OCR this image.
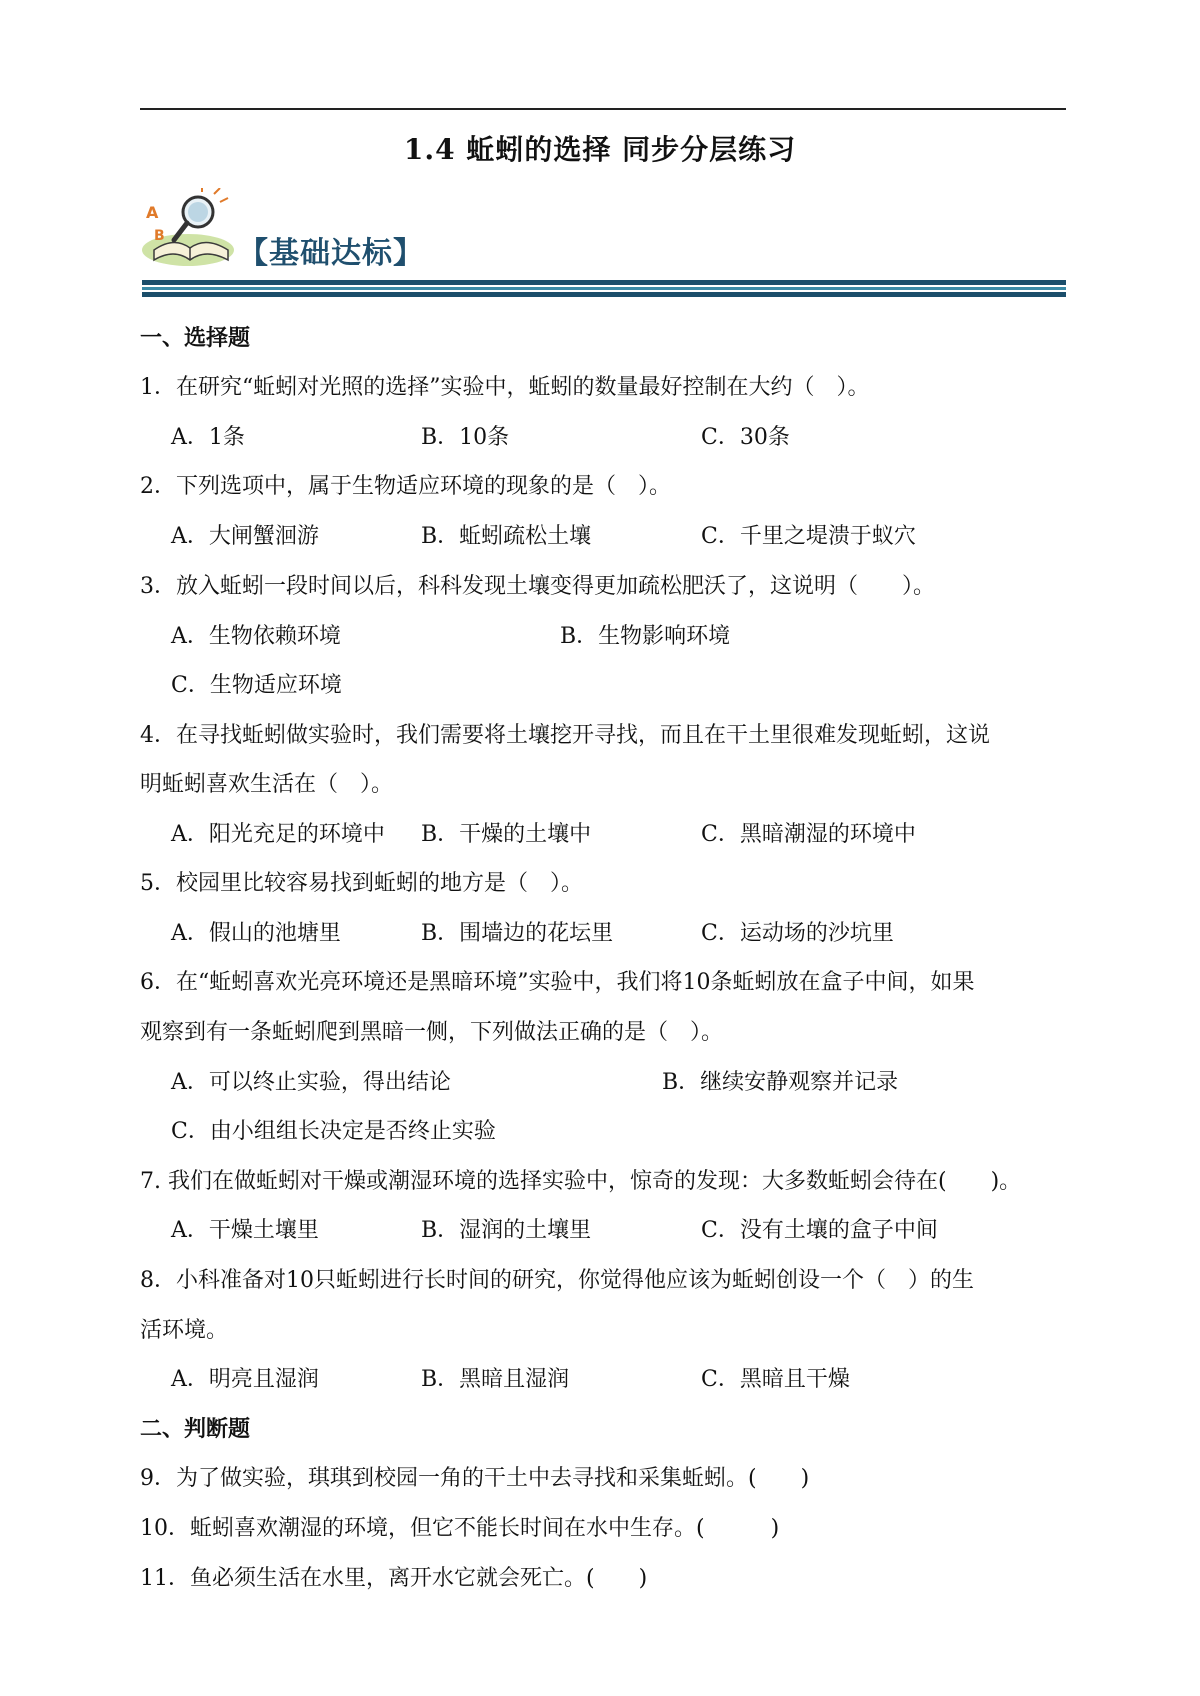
1.4 蚯蚓的选择 同步分层练习
A
B 【基础达标】
一、选择题
1．在研究“蚯蚓对光照的选择”实验中，蚯蚓的数量最好控制在大约（　）。
A．1条	B．10条	C．30条
2．下列选项中，属于生物适应环境的现象的是（　）。
A．大闸蟹洄游	B．蚯蚓疏松土壤	C．千里之堤溃于蚁穴
3．放入蚯蚓一段时间以后，科科发现土壤变得更加疏松肥沃了，这说明（　　）。
A．生物依赖环境	B．生物影响环境
C．生物适应环境
4．在寻找蚯蚓做实验时，我们需要将土壤挖开寻找，而且在干土里很难发现蚯蚓，这说
明蚯蚓喜欢生活在（　）。
A．阳光充足的环境中 B．干燥的土壤中	C．黑暗潮湿的环境中
5．校园里比较容易找到蚯蚓的地方是（　）。
A．假山的池塘里	B．围墙边的花坛里	C．运动场的沙坑里
6．在“蚯蚓喜欢光亮环境还是黑暗环境”实验中，我们将10条蚯蚓放在盒子中间，如果
观察到有一条蚯蚓爬到黑暗一侧，下列做法正确的是（　）。
A．可以终止实验，得出结论	B．继续安静观察并记录
C．由小组组长决定是否终止实验
7. 我们在做蚯蚓对干燥或潮湿环境的选择实验中，惊奇的发现：大多数蚯蚓会待在(　　)。
A．干燥土壤里	B．湿润的土壤里	C．没有土壤的盒子中间
8．小科准备对10只蚯蚓进行长时间的研究，你觉得他应该为蚯蚓创设一个（　）的生
活环境。
A．明亮且湿润	B．黑暗且湿润	C．黑暗且干燥
二、判断题
9．为了做实验，琪琪到校园一角的干土中去寻找和采集蚯蚓。(　　)
10．蚯蚓喜欢潮湿的环境，但它不能长时间在水中生存。(　　　)
11．鱼必须生活在水里，离开水它就会死亡。(　　)
